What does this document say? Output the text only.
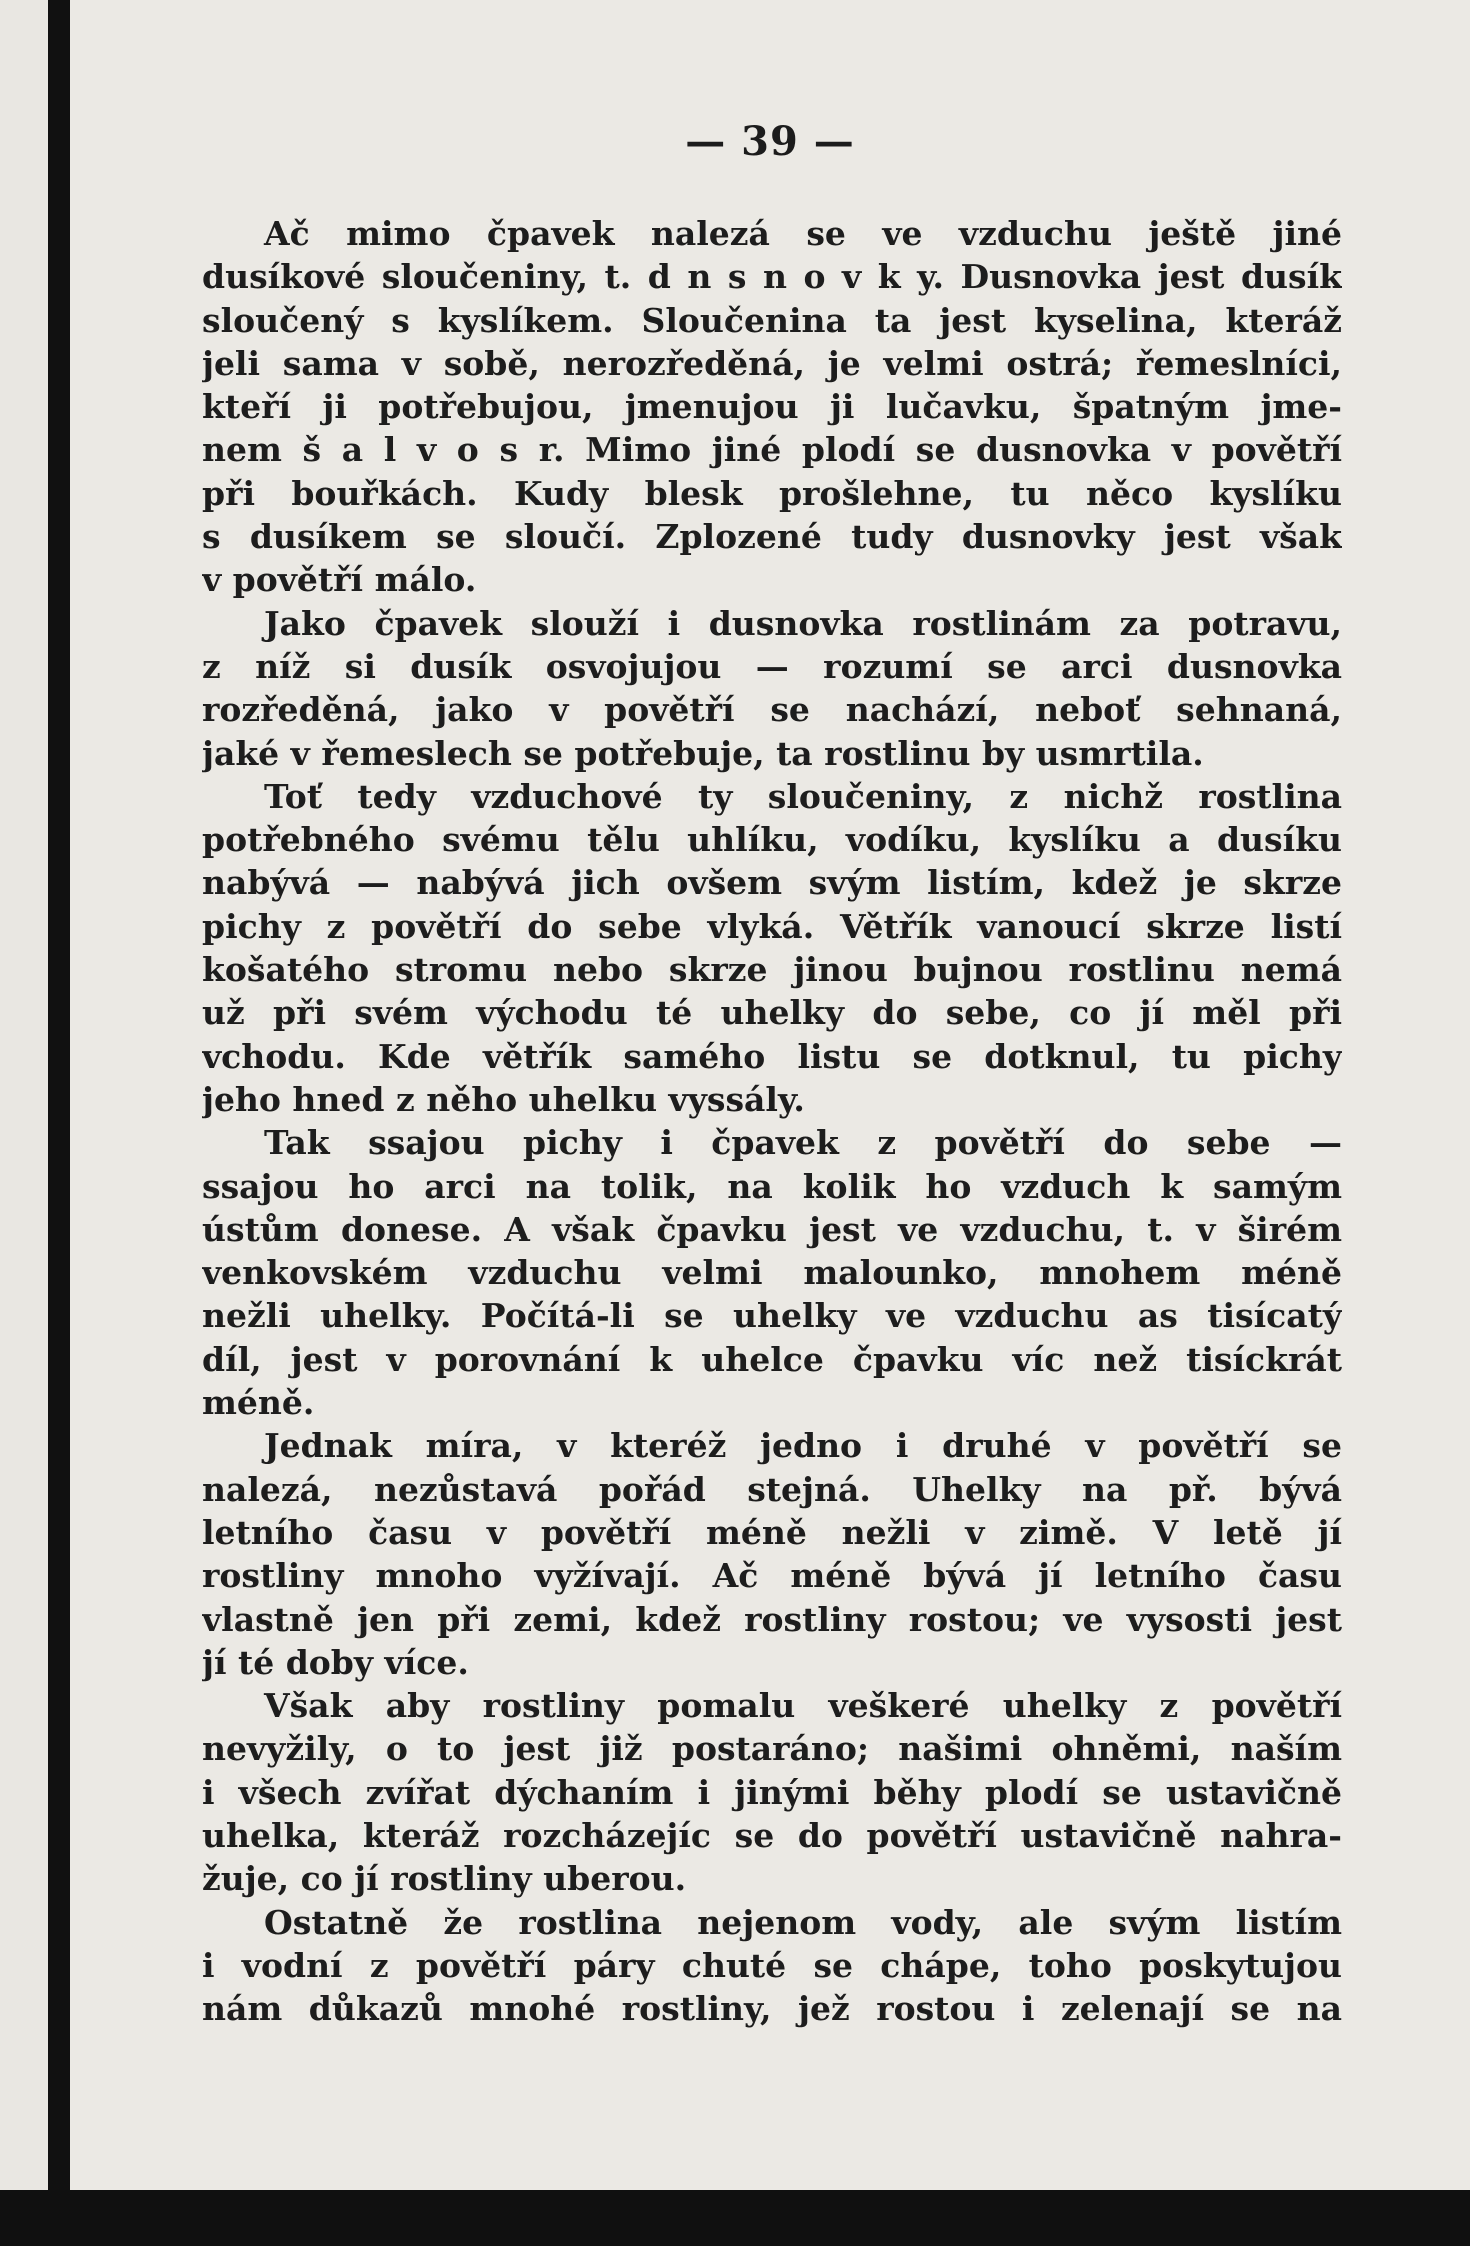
— 39 —
Ač mimo čpavek nalezá se ve vzduchu ještě jiné
dusíkové sloučeniny, t. d n s n o v k y. Dusnovka jest dusík
sloučený s kyslíkem. Sloučenina ta jest kyselina, kteráž
jeli sama v sobě, nerozředěná, je velmi ostrá; řemeslníci,
kteří ji potřebujou, jmenujou ji lučavku, špatným jme-
nem š a l v o s r. Mimo jiné plodí se dusnovka v povětří
při bouřkách. Kudy blesk prošlehne, tu něco kyslíku
s dusíkem se sloučí. Zplozené tudy dusnovky jest však
v povětří málo.
Jako čpavek slouží i dusnovka rostlinám za potravu,
z níž si dusík osvojujou — rozumí se arci dusnovka
rozředěná, jako v povětří se nachází, neboť sehnaná,
jaké v řemeslech se potřebuje, ta rostlinu by usmrtila.
Toť tedy vzduchové ty sloučeniny, z nichž rostlina
potřebného svému tělu uhlíku, vodíku, kyslíku a dusíku
nabývá — nabývá jich ovšem svým listím, kdež je skrze
pichy z povětří do sebe vlyká. Větřík vanoucí skrze listí
košatého stromu nebo skrze jinou bujnou rostlinu nemá
už při svém východu té uhelky do sebe, co jí měl při
vchodu. Kde větřík samého listu se dotknul, tu pichy
jeho hned z něho uhelku vyssály.
Tak ssajou pichy i čpavek z povětří do sebe —
ssajou ho arci na tolik, na kolik ho vzduch k samým
ústům donese. A však čpavku jest ve vzduchu, t. v širém
venkovském vzduchu velmi malounko, mnohem méně
nežli uhelky. Počítá-li se uhelky ve vzduchu as tisícatý
díl, jest v porovnání k uhelce čpavku víc než tisíckrát
méně.
Jednak míra, v kteréž jedno i druhé v povětří se
nalezá, nezůstavá pořád stejná. Uhelky na př. bývá
letního času v povětří méně nežli v zimě. V letě jí
rostliny mnoho vyžívají. Ač méně bývá jí letního času
vlastně jen při zemi, kdež rostliny rostou; ve vysosti jest
jí té doby více.
Však aby rostliny pomalu veškeré uhelky z povětří
nevyžily, o to jest již postaráno; našimi ohněmi, naším
i všech zvířat dýchaním i jinými běhy plodí se ustavičně
uhelka, kteráž rozcházejíc se do povětří ustavičně nahra-
žuje, co jí rostliny uberou.
Ostatně že rostlina nejenom vody, ale svým listím
i vodní z povětří páry chuté se chápe, toho poskytujou
nám důkazů mnohé rostliny, jež rostou i zelenají se na
